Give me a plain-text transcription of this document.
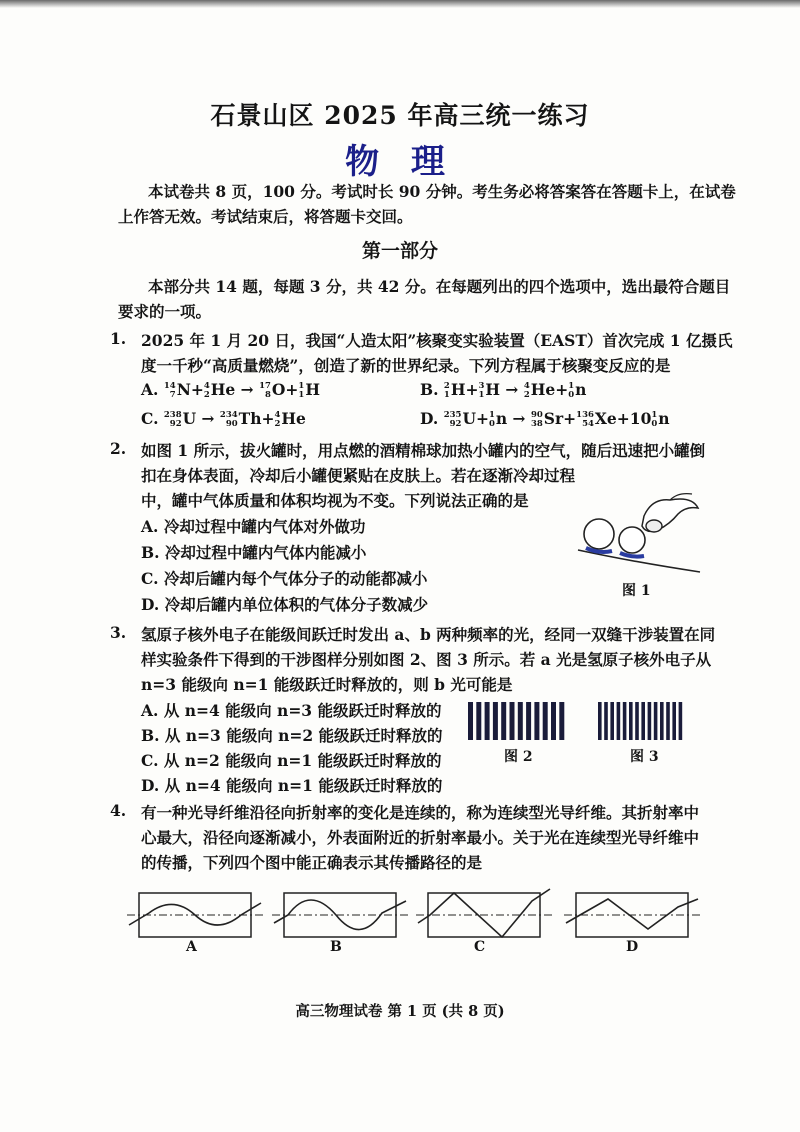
石景山区 2025 年高三统一练习
物 理
本试卷共 8 页，100 分。考试时长 90 分钟。考生务必将答案答在答题卡上，在试卷
上作答无效。考试结束后，将答题卡交回。
第一部分
本部分共 14 题，每题 3 分，共 42 分。在每题列出的四个选项中，选出最符合题目
要求的一项。
1. 2025 年 1 月 20 日，我国“人造太阳”核聚变实验装置（EAST）首次完成 1 亿摄氏
度一千秒“高质量燃烧”，创造了新的世界纪录。下列方程属于核聚变反应的是
A. 14
7 N+ 4
2 He → 17
8 O+ 1
1 H	B. 2
1 H+ 3
1 H → 4
2 He+ 1
0 n
C. 238
92 U → 234
90 Th+ 4
2 He	D. 235
92 U+ 1
0 n → 90
38 Sr+ 136
54 Xe+10 1
0 n
2. 如图 1 所示，拔火罐时，用点燃的酒精棉球加热小罐内的空气，随后迅速把小罐倒
扣在身体表面，冷却后小罐便紧贴在皮肤上。若在逐渐冷却过程
中，罐中气体质量和体积均视为不变。下列说法正确的是
A. 冷却过程中罐内气体对外做功
B. 冷却过程中罐内气体内能减小
C. 冷却后罐内每个气体分子的动能都减小
D. 冷却后罐内单位体积的气体分子数减少
图 1
3. 氢原子核外电子在能级间跃迁时发出 a、b 两种频率的光，经同一双缝干涉装置在同
样实验条件下得到的干涉图样分别如图 2、图 3 所示。若 a 光是氢原子核外电子从
n=3 能级向 n=1 能级跃迁时释放的，则 b 光可能是
A. 从 n=4 能级向 n=3 能级跃迁时释放的
B. 从 n=3 能级向 n=2 能级跃迁时释放的
C. 从 n=2 能级向 n=1 能级跃迁时释放的
D. 从 n=4 能级向 n=1 能级跃迁时释放的
图 2	图 3
4. 有一种光导纤维沿径向折射率的变化是连续的，称为连续型光导纤维。其折射率中
心最大，沿径向逐渐减小，外表面附近的折射率最小。关于光在连续型光导纤维中
的传播，下列四个图中能正确表示其传播路径的是
A	B	C	D
高三物理试卷 第 1 页 (共 8 页)
